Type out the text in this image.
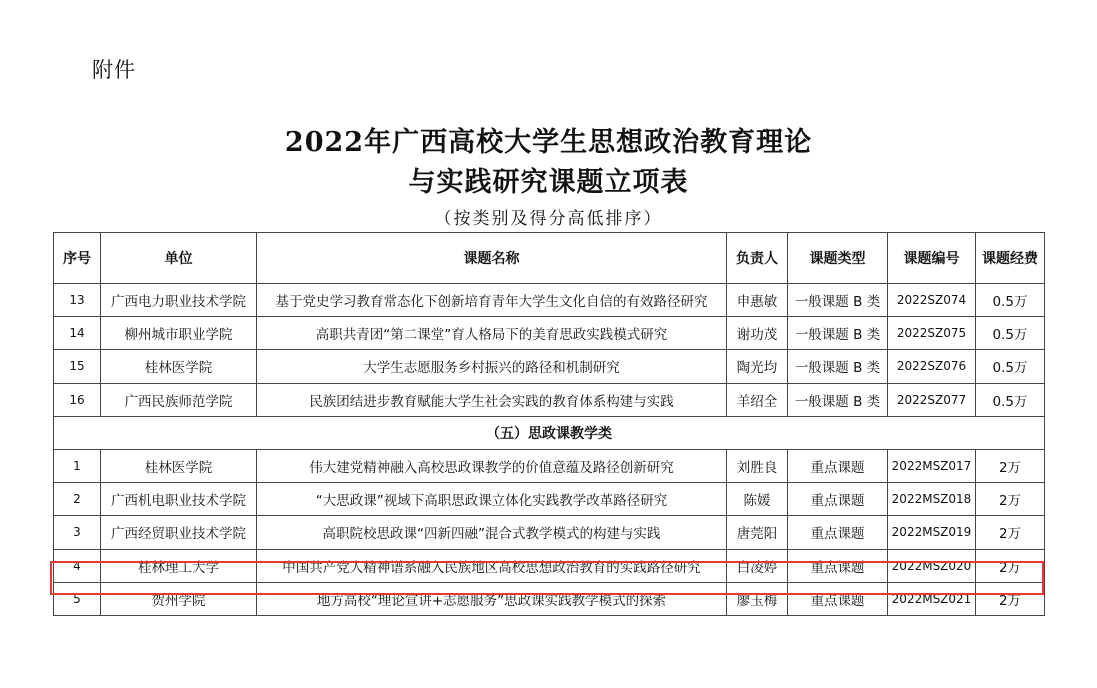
附件
2022年广西高校大学生思想政治教育理论
与实践研究课题立项表
（按类别及得分高低排序）
序号	单位	课题名称	负责人	课题类型	课题编号	课题经费
13	广西电力职业技术学院	基于党史学习教育常态化下创新培育青年大学生文化自信的有效路径研究	申惠敏	一般课题 B 类	2022SZ074	0.5万
14	柳州城市职业学院	高职共青团“第二课堂”育人格局下的美育思政实践模式研究	谢功茂	一般课题 B 类	2022SZ075	0.5万
15	桂林医学院	大学生志愿服务乡村振兴的路径和机制研究	陶光均	一般课题 B 类	2022SZ076	0.5万
16	广西民族师范学院	民族团结进步教育赋能大学生社会实践的教育体系构建与实践	羊绍全	一般课题 B 类	2022SZ077	0.5万
（五）思政课教学类						
1	桂林医学院	伟大建党精神融入高校思政课教学的价值意蕴及路径创新研究	刘胜良	重点课题	2022MSZ017	2万
2	广西机电职业技术学院	“大思政课”视域下高职思政课立体化实践教学改革路径研究	陈媛	重点课题	2022MSZ018	2万
3	广西经贸职业技术学院	高职院校思政课“四新四融”混合式教学模式的构建与实践	唐莞阳	重点课题	2022MSZ019	2万
4	桂林理工大学	中国共产党人精神谱系融入民族地区高校思想政治教育的实践路径研究	白凌婷	重点课题	2022MSZ020	2万
5	贺州学院	地方高校“理论宣讲+志愿服务”思政课实践教学模式的探索	廖玉梅	重点课题	2022MSZ021	2万
